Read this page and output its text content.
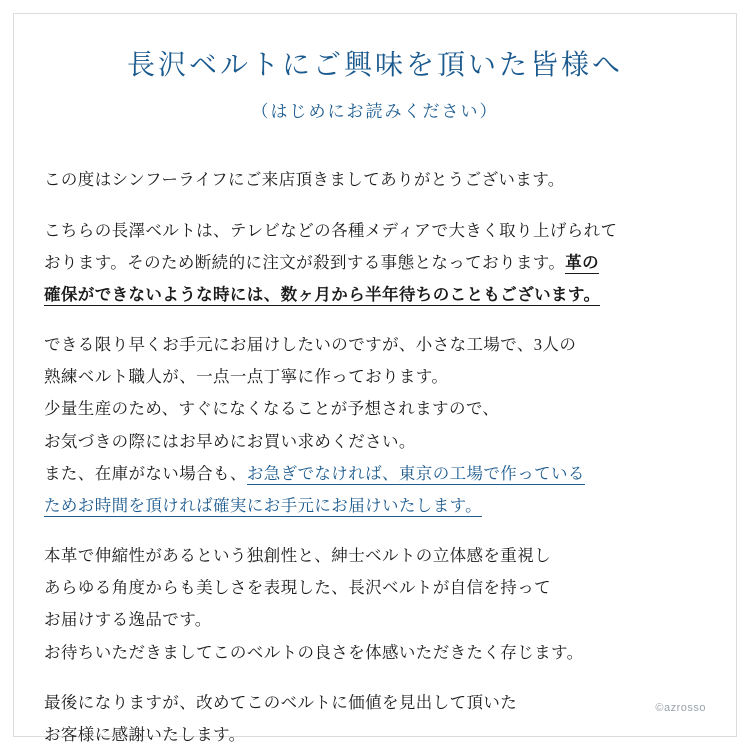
長沢ベルトにご興味を頂いた皆様へ
（はじめにお読みください）

この度はシンフーライフにご来店頂きましてありがとうございます。

こちらの長澤ベルトは、テレビなどの各種メディアで大きく取り上げられて
おります。そのため断続的に注文が殺到する事態となっております。革の
確保ができないような時には、数ヶ月から半年待ちのこともございます。

できる限り早くお手元にお届けしたいのですが、小さな工場で、3人の
熟練ベルト職人が、一点一点丁寧に作っております。
少量生産のため、すぐになくなることが予想されますので、
お気づきの際にはお早めにお買い求めください。
また、在庫がない場合も、お急ぎでなければ、東京の工場で作っている
ためお時間を頂ければ確実にお手元にお届けいたします。

本革で伸縮性があるという独創性と、紳士ベルトの立体感を重視し
あらゆる角度からも美しさを表現した、長沢ベルトが自信を持って
お届けする逸品です。
お待ちいただきましてこのベルトの良さを体感いただきたく存じます。

最後になりますが、改めてこのベルトに価値を見出して頂いた
お客様に感謝いたします。

©azrosso
